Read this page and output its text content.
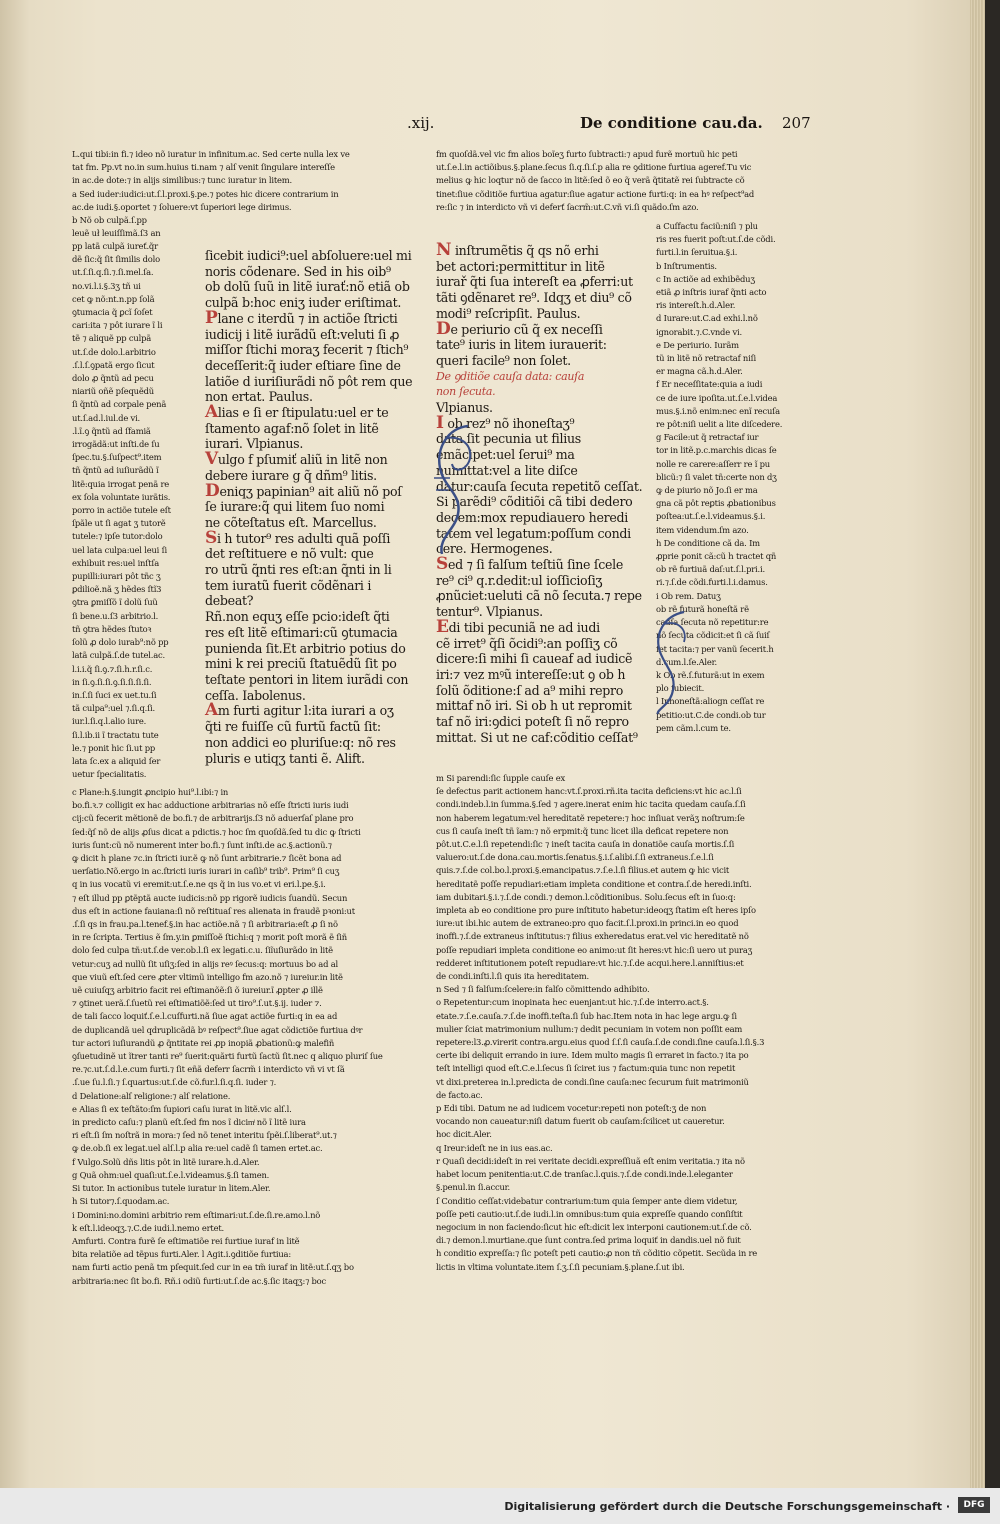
.xij.	De conditione cau.da. 207

L.qui tibi:in fi.⁊ ideo nõ iuratur in infinitum.ac. Sed certe nulla lex ve

tat fm. Pp.vt no.in sum.huius ti.nam ⁊ alſ venit ſingulare intereſſe

in ac.de dote:⁊ in alijs similibus:⁊ tunc iuratur in litem.

a Sed iuder:iudici:ut.ſ.l.proxi.§.pe.⁊ potes hic dicere contrarium in

ac.de iudi.§.oportet ⁊ ſoluere:vt ſuperiori lege dirimus.

b Nõ ob culpã.ſ.pp

leuẽ uł leuiſſimã.ſ3 an

pp latã culpã iureť.q̃r

dẽ ſic:q̃ ſit ſimilis dolo

ut.ſ.ſi.q.ſi.⁊.ſi.mel.ſa.

no.vi.l.i.§.3ʒ tñ ui

cet ꝙ nõ:nt.n.pp ſolã

ꝯtumacia q̃ ꝑcĩ ſoſet

cari:ita ⁊ pôt iurare ĩ li

tẽ ⁊ aliquẽ pp culpã

ut.ſ.de dolo.l.arbitrio

.ſ.l.ſ.ꝯpatã ergo ſicut

dolo ꝓ q̃ntũ ad pecu

niariũ oñẽ pſequẽdũ

ſi q̃ntũ ad corpale penã

ut.ſ.ad.l.iul.de vi.

.l.ĩ.ꝯ q̃ntũ ad ſfamiã

irrogãdã:ut inſti.de ſu

ſpec.tu.§.ſuſpect⁹.item

tñ q̃ntũ ad iuſiurãdũ ĩ

litẽ:quia irrogat penã re

ex ſola voluntate iurãtis.

porro in actiõe tutele eſt

ſpãle ut ſi agat ʒ tutorẽ

tutele:⁊ ipſe tutor:dolo

uel lata culpa:uel leui ſi

exhibuit res:uel inſtſa

pupilli:iurari pôt tñc ʒ

ꝑdilioẽ.nã ʒ hẽdes ſtĩ3

ꝯtra ꝑmiſſõ ĩ dolũ ſuũ

ſi bene.u.ſ3 arbitrio.l.

tñ ꝯtra hẽdes ſtutoꝛ

ſolũ ꝓ dolo iurab⁹:nõ pp

latã culpã.ſ.de tutel.ac.

l.i.i.q̃ ſi.ꝯ.⁊.ſi.h.r.ſi.c.

in ſi.ꝯ.ſi.ſi.ꝯ.ſi.ſi.ſi.ſi.

in.ſ.ſi ſuci ex uet.tu.ſi

tã culpa⁹:uel ⁊.ſi.q.ſi.

iur.l.ſi.q.l.alio iure.

ſi.l.ib.ii ĩ tractatu tute

le.⁊ ponit hic ſi.ut pp

lata ſc.ex a aliquid ſer

uetur ſpecialitatis.

ſicebit iudici⁹:uel abſoluere:uel mi

noris cõdenare. Sed in his oib⁹

ob dolũ ſuũ in litẽ iurať:nõ etiã ob

culpã b:hoc eniʒ iuder eriſtimat.

Plane c iterdũ ⁊ in actiõe ſtricti

iudicij i litẽ iurãdũ eſt:veluti ſi ꝓ

miſſor ſtichi moraʒ fecerit ⁊ ſtich⁹

deceſſerit:q̃ iuder eſtiare ſine de

latiõe d iuriſiurãdi nõ pôt rem que

non ertat. Paulus.

Alias e ſi er ſtipulatu:uel er te

ſtamento agaf:nõ ſolet in litẽ

iurari. Vlpianus.

Vulgo f pſumiť aliũ in litẽ non

debere iurare g q̃ dñm⁹ litis.

Deniqʒ papinian⁹ ait aliũ nõ poſ

ſe iurare:q̃ qui litem ſuo nomi

ne cõteſtatus eſt. Marcellus.

Si h tutor⁹ res adulti quã poſſi

det reſtituere e nõ vult: que

ro utrũ q̃nti res eſt:an q̃nti in li

tem iuratũ fuerit cõdẽnari i debeat?

Rñ.non equʒ eſſe pcio:ideſt q̃ti

res eſt litẽ eſtimari:cũ ꝯtumacia

punienda ſit.Et arbitrio potius do

mini k rei preciũ ſtatuẽdũ ſit po

teſtate pentori in litem iurãdi con

ceſſa. Iabolenus.

Am furti agitur l:ita iurari a oʒ

q̃ti re fuiſſe cũ furtũ factũ ſit:

non addici eo pluriſue:q: nõ res

pluris e utiqʒ tanti ẽ. Alift.

c Plane:h.§.iungit ꝓncipio hui⁹.l.ibi:⁊ in

bo.fi.ꝛ.⁊ colligit ex hac adductione arbitrarias nõ eſſe ſtricti iuris iudi

cij:cũ fecerit mẽtionẽ de bo.fi.⁊ de arbitrarijs.ſ3 nõ aduerſaſ plane pro

ſed:q̃ſ nõ de alijs ꝓſus dicat a pdictis.⁊ hoc ſm quoſdã.ſed tu dic ꝙ ſtricti

iuris ſunt:cũ nõ numerent inter bo.fi.⁊ ſunt inſti.de ac.§.actionũ.⁊

ꝙ dicit h plane ⁊c.in ſtricti iur.ẽ ꝙ nõ ſunt arbitrarie.⁊ ſicẽt bona ad

uerſatio.Nõ.ergo in ac.ſtricti iuris iurari in caſib⁹ trib⁹. Prim⁹ ſi cuʒ

q in ius vocatũ vi eremit:ut.ſ.e.ne qs q̃ in ius vo.et vi eri.l.pe.§.i.

⁊ eſt illud pp ꝑtẽptã aucte iudicis:nõ pp rigorẽ iudicis ſuandũ. Secun

dus eſt in actione fauiana:ſi nõ reſtituaſ res alienata in fraudẽ pꝛoni:ut

.ſ.ſi qs in frau.pa.l.tenef.§.in hac actiõe.nã ⁊ ſi arbitraria:eſt ꝓ ſi nõ

in re ſcripta. Tertius ẽ ſm.y.in ꝑmiſſoẽ ſtichi:q ⁊ morit poſt morã ẽ ſiñ

dolo ſed culpa tñ:ut.ſ.de ver.ob.l.ſi ex legati.c.u. ſiĩuſiurãdo in litẽ

vetur:cuʒ ad nullũ ſit uſiʒ:ſed in alijs reꝰ ſecus:q: mortuus bo ad al

que viuũ eſt.ſed cere ꝓter vltimũ intelligo fm azo.nõ ⁊ iureiur.in litẽ

uẽ cuiuſqʒ arbitrio facit rei eſtimanõẽ:ſi õ iureiur.ĩ ꝓpter ꝓ illẽ

⁊ ꝯtinet uerã.ſ.ſuetũ rei eſtimatiõẽ:ſed ut tiro⁹.ſ.ut.§.ij. iuder ⁊.

de tali ſacco loquiť.ſ.e.l.cuſfurti.nã ſiue agat actiõe furti:q in ea ad

de duplicandã uel qdruplicãdã bꝰ reſpect⁹.ſiue agat cõdictiõe furtiua dꝰr

tur actori iuſiurandũ ꝓ q̃ntitate rei ꝓp inopiã ꝓbationũ:ꝙ malefiñ

ꝯſuetudinẽ ut ĩtrer tanti re⁹ ſuerit:quãrti furtũ ſactũ ſit.nec q aliquo pluriſ ſue

re.⁊c.ut.ſ.d.l.e.cum furti.⁊ ſit eñã deferr ſacrm̃ i interdicto vñ vi vt ſã

.ſ.ue ſu.l.ſi.⁊ ſ.quartus:ut.ſ.de cõ.fur.l.ſi.q.ſi. iuder ⁊.

d Delatione:alſ religione:⁊ alſ relatione.

e Alias ſi ex teſtãto:ſm ſupiori caſu iurat in litẽ.vic alſ.l.

in predicto caſu:⁊ planũ eſt.ſed fm nos ĩ dicimͥ nõ ĩ litẽ iura

ri eſt.ſi ſm noſtrã in mora:⁊ ſed nõ tenet interitu ſpẽi.ſ.liberat⁹.ut.⁊

ꝙ de.ob.ſi ex legat.uel alſ.l.p alia re:uel cadẽ ſi tamen ertet.ac.

f Vulgo.Solũ dñs litis pôt in litẽ iurare.h.d.Aler.

g Quã ohm:uel quaſi:ut.ſ.e.l.videamus.§.ſi tamen.

Si tutor. In actionibus tutele iuratur in litem.Aler.

h Si tutor⁊.ſ.quodam.ac.

i Domini:no.domini arbitrio rem eſtimari:ut.ſ.de.ſi.re.amo.l.nõ

k eſt.l.ideoqʒ.⁊.C.de iudi.l.nemo ertet.

Amfurti. Contra furẽ ſe eſtimatiõe rei furtiue iuraf in litẽ

bita relatiõe ad tẽpus furti.Aler. l Agit.i.ꝯditiõe furtiua:

nam furti actio penã tm pſequit.ſed cur in ea tm̃ iuraf in litẽ:ut.ſ.qʒ bo

arbitraria:nec ſit bo.fi. Rñ.i odiũ furti:ut.ſ.de ac.§.ſic itaqʒ:⁊ boc

fm quoſdã.vel vic fm alios boĩeʒ furto ſubtracti:⁊ apud furẽ mortuũ hic peti

ut.ſ.e.l.in actiõibus.§.plane.ſecus ſi.q.ſi.ſ.p alia re ꝯditione furtiua ageref.Tu vic

melius ꝙ hic loqtur nõ de ſacco in litẽ:ſed õ eo q̃ verã q̃titatẽ rei ſubtracte cõ

tinet:ſiue cõditiõe furtiua agatur:ſiue agatur actione furti:q: in ea hꝰ reſpect⁹ad

re:ſic ⁊ in interdicto vñ vi deferť ſacrm̃:ut.C.vñ vi.ſi quãdo.ſm azo.

N inſtrumẽtis q̃ qs nõ erhi

bet actori:permittitur in litẽ

iurař q̃ti ſua intereſt ea ꝓferri:ut

tãti ꝯdẽnaret re⁹. Idqʒ et diu⁹ cõ

modi⁹ reſcripſit. Paulus.

De periurio cũ q̃ ex neceſſi

tate⁹ iuris in litem iurauerit:

queri facile⁹ non ſolet.

De ꝯditiõe cauſa data: cauſa

non ſecuta.

Vlpianus.

I ob rez⁹ nõ ihoneſtaʒ⁹

data ſit pecunia ut filius

emãcipet:uel ſerui⁹ ma

numittat:vel a lite diſce

datur:cauſa ſecuta repetitõ ceſſat.

Si parẽdi⁹ cõditiõi cã tibi dedero

decem:mox repudiauero heredi

tatem vel legatum:poſſum condi

cere. Hermogenes.

Sed ⁊ ſi falſum teſtiũ ſine ſcele

re⁹ ci⁹ q.r.dedit:ul ioſſicioſiʒ

ꝓnũciet:ueluti cã nõ ſecuta.⁊ repe

tentur⁹. Vlpianus.

Edi tibi pecuniã ne ad iudi

cẽ irret⁹ q̃ſi õcidi⁹:an poſſiʒ cõ

dicere:ſi mihi ſi caueaf ad iudicẽ

iri:⁊ vez mꝰũ intereſſe:ut ꝯ ob h

ſolũ õditione:ſ ad a⁹ mihi repro

mittaf nõ iri. Si ob h ut repromit

taf nõ iri:ꝯdici poteſt ſi nõ repro

mittat. Si ut ne caf:cõditio ceſſat⁹

a Cuſfactu faciũ:niſi ⁊ plu

ris res fuerit poſt:ut.ſ.de cõdi.

furti.l.in ſeruitua.§.i.

b Inſtrumentis.

c In actiõe ad exhibẽduʒ

etiã ꝓ inſtris iuraf q̃nti acto

ris intereſt.h.d.Aler.

d Iurare:ut.C.ad exhi.l.nõ

ignorabit.⁊.C.vnde vi.

e De periurio. Iurãm

tũ in litẽ nõ retractaf niſi

er magna cã.h.d.Aler.

f Er neceſſitate:quia a iudi

ce de iure ipoſita.ut.ſ.e.l.videa

mus.§.i.nõ enim:nec enĩ recuſa

re pôt:niſi uelit a lite diſcedere.

g Facile:ut q̃ retractaf iur

tor in litẽ.p.c.marchis dicas ſe

nolle re carere:aſſerr re ĩ pu

blicũ:⁊ ſi valet tñ:certe non dʒ

ꝙ de piurio nõ Jo.ſi er ma

gna cã pôt reꝑtis ꝓbationibus

poſtea:ut.ſ.e.l.videamus.§.i.

item videndum.ſm azo.

h De conditione cã da. Im

ꝓprie ponit cã:cũ h tractet qñ

ob rẽ furtiuã daſ:ut.ſ.l.pri.i.

ri.⁊.ſ.de cõdi.furti.l.i.damus.

i Ob rem. Datuʒ

ob rẽ futurã honeſtã rẽ

cauſa ſecuta nõ repetitur:re

nõ ſecuta cõdicit:et ſi cã ſuiſ

ſet tacita:⁊ per vanũ ſecerit.h

d.cum.l.ſe.Aler.

k Ob rẽ.ſ.futurã:ut in exem

plo ſubiecit.

l Inhoneſtã:aliogn ceſſat re

petitio:ut.C.de condi.ob tur

pem cãm.l.cum te.

m Si parendi:ſic ſupple cauſe ex

ſe defectus parit actionem hanc:vt.ſ.proxi.rñ.ita tacita deficiens:vt hic ac.l.ſi

condi.indeb.l.in ſumma.§.ſed ⁊ agere.inerat enim hic tacita quedam cauſa.ſ.ſi

non haberem legatum:vel hereditatẽ repetere:⁊ hoc inſiuat verãʒ noſtrum:ſe

cus ſi cauſa ineſt tñ ĩam:⁊ nõ erpmit:q̃ tunc licet illa deficat repetere non

pôt.ut.C.e.l.ſi repetendi:ſic ⁊ ineſt tacita cauſa in donatiõe cauſa mortis.ſ.ſi

valuero:ut.ſ.de dona.cau.mortis.ſenatus.§.i.ſ.alibi.ſ.ſi extraneus.ſ.e.l.ſi

quis.⁊.ſ.de col.bo.l.proxi.§.emancipatus.⁊.ſ.e.l.ſi filius.et autem ꝙ hic vicit

hereditatẽ poſſe repudiari:etiam impleta conditione et contra.ſ.de heredi.inſti.

iam dubitari.§.i.⁊.ſ.de condi.⁊ demon.l.cõditionibus. Solu.ſecus eſt in ſuo:q:

impleta ab eo conditione pro pure inſtituto habetur:ideoqʒ ſtatim eſt heres ipſo

iure:ut ibi.hic autem de extraneo:pro quo facit.ſ.l.proxi.in princi.in eo quod

inoffi.⁊.ſ.de extraneus inſtitutus:⁊ filius exheredatus erat.vel vic hereditatẽ nõ

poſſe repudiari impleta conditione eo animo:ut ſit heres:vt hic:ſi uero ut puraʒ

redderet inſtitutionem poteſt repudiare:vt hic.⁊.ſ.de acqui.here.l.anniſtius:et

de condi.inſti.l.ſi quis ita hereditatem.

n Sed ⁊ ſi falſum:ſcelere:in falſo cõmittendo adhibito.

o Repetentur:cum inopinata hec euenjant:ut hic.⁊.ſ.de interro.act.§.

etate.⁊.ſ.e.cauſa.⁊.ſ.de inoffi.teſta.ſi ſub hac.Item nota in hac lege argu.ꝙ ſi

mulier ſciat matrimonium nullum:⁊ dedit pecuniam in votem non poſſit eam

repetere:l3.ꝓ.virerit contra.argu.eius quod ſ.ſ.ſi cauſa.ſ.de condi.ſine cauſa.l.ſi.§.3

certe ibi deliquit errando in iure. Idem multo magis ſi erraret in facto.⁊ ita po

teſt intelligi quod eſt.C.e.l.ſecus ſi ſciret ius ⁊ factum:quia tunc non repetit

vt dixi.preterea in.l.predicta de condi.ſine cauſa:nec ſecurum fuit matrimoniũ

de facto.ac.

p Edi tibi. Datum ne ad iudicem vocetur:repeti non poteſt:ʒ de non

vocando non caueatur:niſi datum fuerit ob cauſam:ſcilicet ut caueretur.

hoc dicit.Aler.

q Ireur:ideſt ne in ius eas.ac.

r Quaſi decidi:ideſt in rei veritate decidi.expreſſiuã eſt enim veritatia.⁊ ita nõ

habet locum penitentia:ut.C.de tranſac.l.quis.⁊.ſ.de condi.inde.l.eleganter

§.penul.in ſi.accur.

ſ Conditio ceſſat:videbatur contrarium:tum quia ſemper ante diem videtur,

poſſe peti cautio:ut.ſ.de iudi.l.in omnibus:tum quia expreſſe quando conſiſtit

negocium in non faciendo:ſicut hic eſt:dicit lex interponi cautionem:ut.ſ.de cõ.

di.⁊ demon.l.murtiane.que ſunt contra.ſed prima loquiť in dandis.uel nõ fuit

h conditio expreſſa:⁊ ſic poteſt peti cautio:ꝓ non tñ cõditio cõpetit. Secũda in re

lictis in vltima voluntate.item ſ.ʒ.ſ.ſi pecuniam.§.plane.ſ.ut ibi.

Digitalisierung gefördert durch die Deutsche Forschungsgemeinschaft ·	DFG
